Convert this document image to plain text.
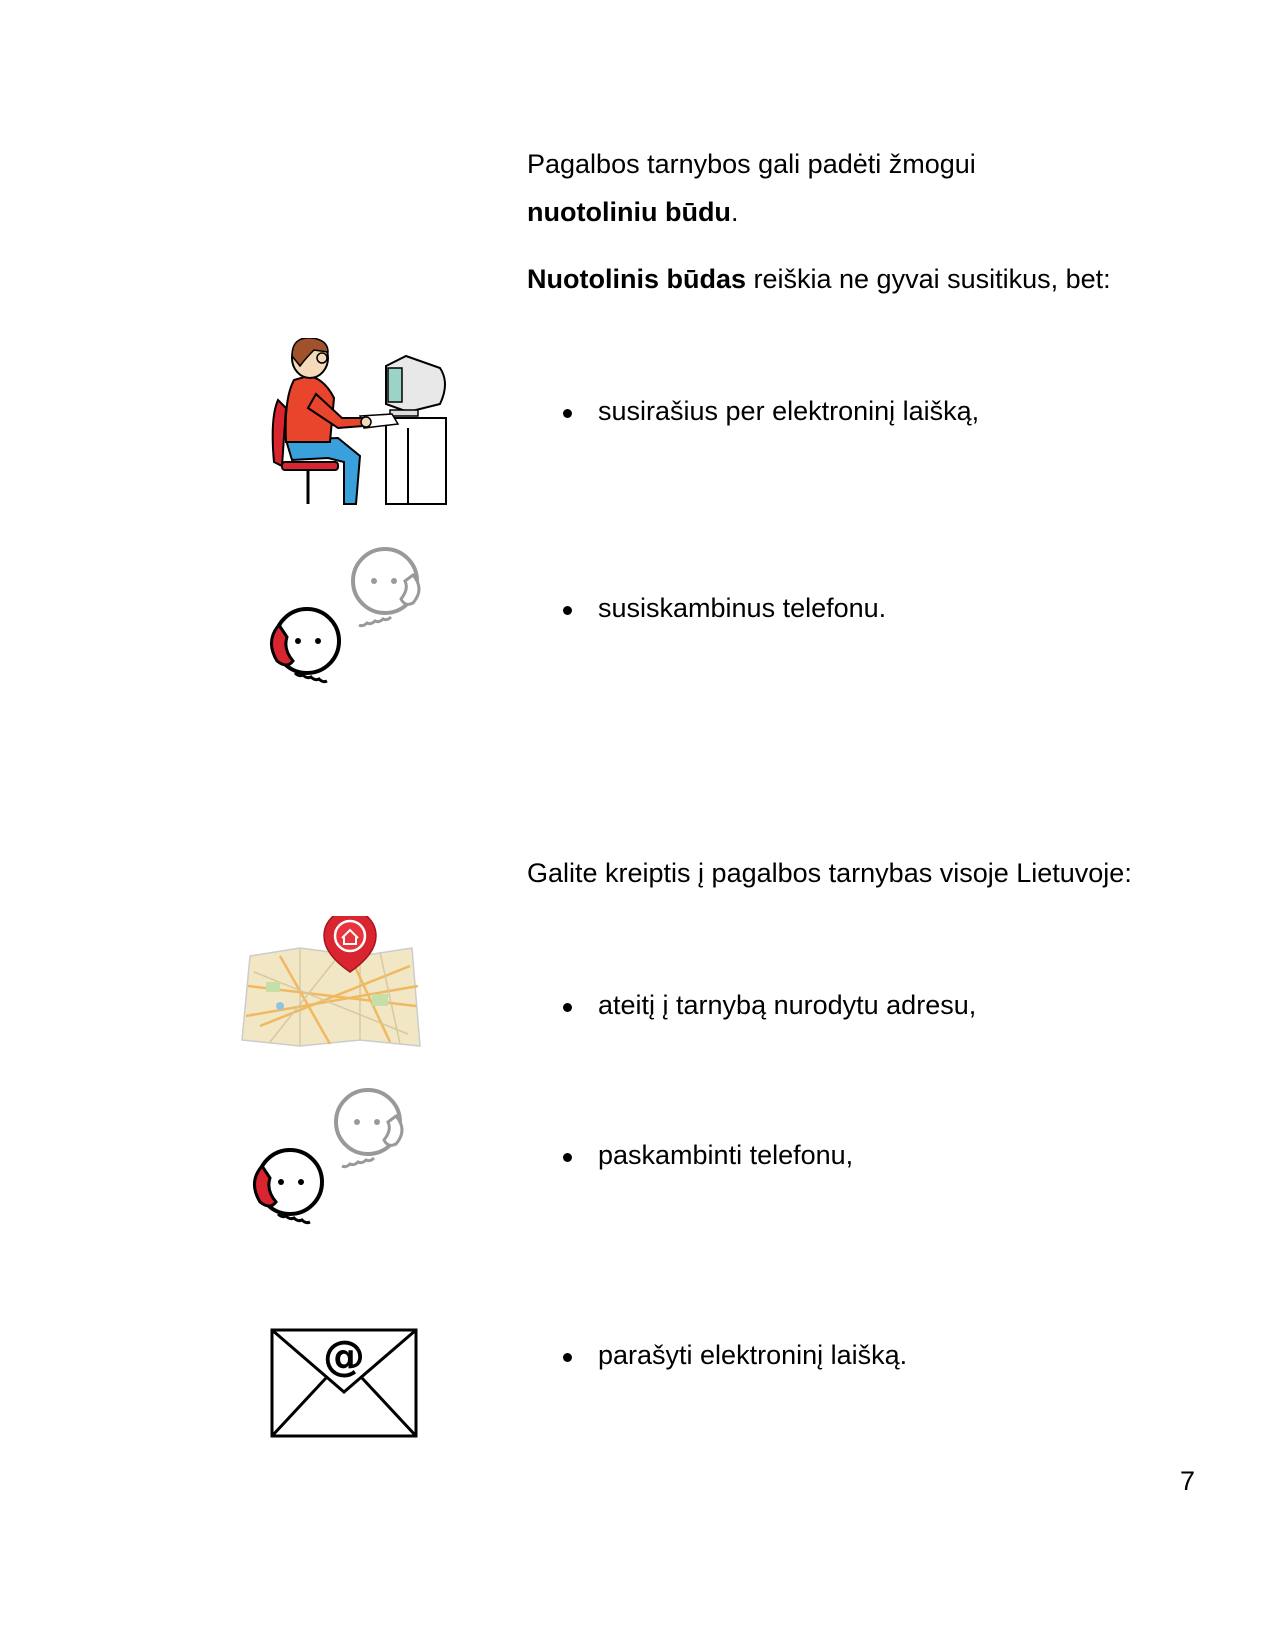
Pagalbos tarnybos gali padėti žmogui
nuotoliniu būdu.
Nuotolinis būdas reiškia ne gyvai susitikus, bet:
susirašius per elektroninį laišką,
susiskambinus telefonu.
Galite kreiptis į pagalbos tarnybas visoje Lietuvoje:
ateitį į tarnybą nurodytu adresu,
paskambinti telefonu,
@	parašyti elektroninį laišką.
7
